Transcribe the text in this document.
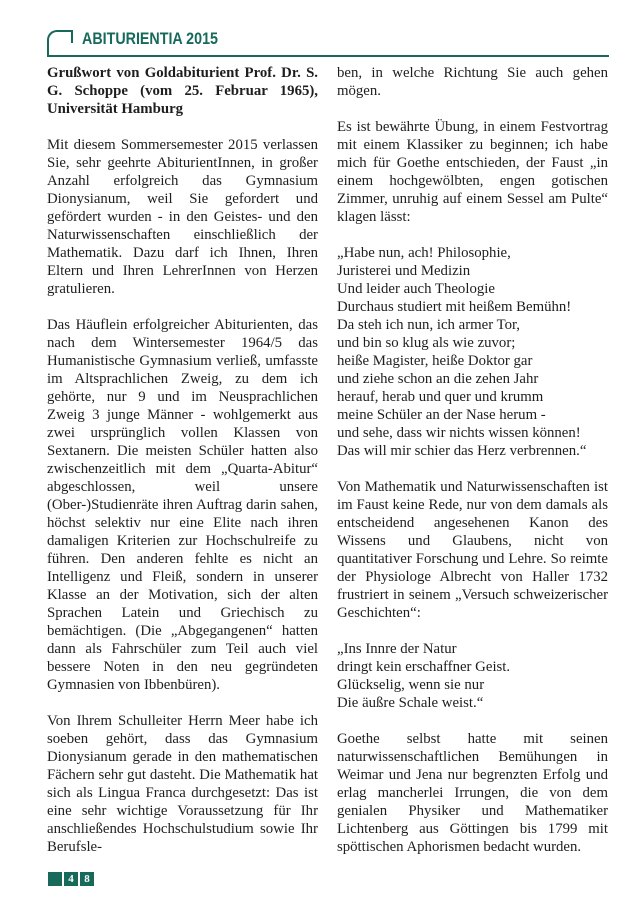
ABITURIENTIA 2015
Grußwort von Goldabiturient Prof. Dr. S. G. Schoppe (vom 25. Februar 1965), Universität Hamburg

Mit diesem Sommersemester 2015 verlassen Sie, sehr geehrte AbiturientInnen, in großer Anzahl erfolgreich das Gymnasium Dionysianum, weil Sie gefordert und gefördert wurden - in den Geistes- und den Naturwissenschaften einschließlich der Mathematik. Dazu darf ich Ihnen, Ihren Eltern und Ihren LehrerInnen von Herzen gratulieren.

Das Häuflein erfolgreicher Abiturienten, das nach dem Wintersemester 1964/5 das Humanistische Gymnasium verließ, umfasste im Altsprachlichen Zweig, zu dem ich gehörte, nur 9 und im Neusprachlichen Zweig 3 junge Männer - wohlgemerkt aus zwei ursprünglich vollen Klassen von Sextanern. Die meisten Schüler hatten also zwischenzeitlich mit dem „Quarta-Abitur“ abgeschlossen, weil unsere (Ober-)Studienräte ihren Auftrag darin sahen, höchst selektiv nur eine Elite nach ihren damaligen Kriterien zur Hochschulreife zu führen. Den anderen fehlte es nicht an Intelligenz und Fleiß, sondern in unserer Klasse an der Motivation, sich der alten Sprachen Latein und Griechisch zu bemächtigen. (Die „Abgegangenen“ hatten dann als Fahrschüler zum Teil auch viel bessere Noten in den neu gegründeten Gymnasien von Ibbenbüren).

Von Ihrem Schulleiter Herrn Meer habe ich soeben gehört, dass das Gymnasium Dionysianum gerade in den mathematischen Fächern sehr gut dasteht. Die Mathematik hat sich als Lingua Franca durchgesetzt: Das ist eine sehr wichtige Voraussetzung für Ihr anschließendes Hochschulstudium sowie Ihr Berufsle-

ben, in welche Richtung Sie auch gehen mögen.

Es ist bewährte Übung, in einem Festvortrag mit einem Klassiker zu beginnen; ich habe mich für Goethe entschieden, der Faust „in einem hochgewölbten, engen gotischen Zimmer, unruhig auf einem Sessel am Pulte“ klagen lässt:

„Habe nun, ach! Philosophie,
Juristerei und Medizin
Und leider auch Theologie
Durchaus studiert mit heißem Bemühn!
Da steh ich nun, ich armer Tor,
und bin so klug als wie zuvor;
heiße Magister, heiße Doktor gar
und ziehe schon an die zehen Jahr
herauf, herab und quer und krumm
meine Schüler an der Nase herum -
und sehe, dass wir nichts wissen können!
Das will mir schier das Herz verbrennen.“

Von Mathematik und Naturwissenschaften ist im Faust keine Rede, nur von dem damals als entscheidend angesehenen Kanon des Wissens und Glaubens, nicht von quantitativer Forschung und Lehre. So reimte der Physiologe Albrecht von Haller 1732 frustriert in seinem „Versuch schweizerischer Geschichten“:

„Ins Innre der Natur
dringt kein erschaffner Geist.
Glückselig, wenn sie nur
Die äußre Schale weist.“

Goethe selbst hatte mit seinen naturwissenschaftlichen Bemühungen in Weimar und Jena nur begrenzten Erfolg und erlag mancherlei Irrungen, die von dem genialen Physiker und Mathematiker Lichtenberg aus Göttingen bis 1799 mit spöttischen Aphorismen bedacht wurden.

4 8
